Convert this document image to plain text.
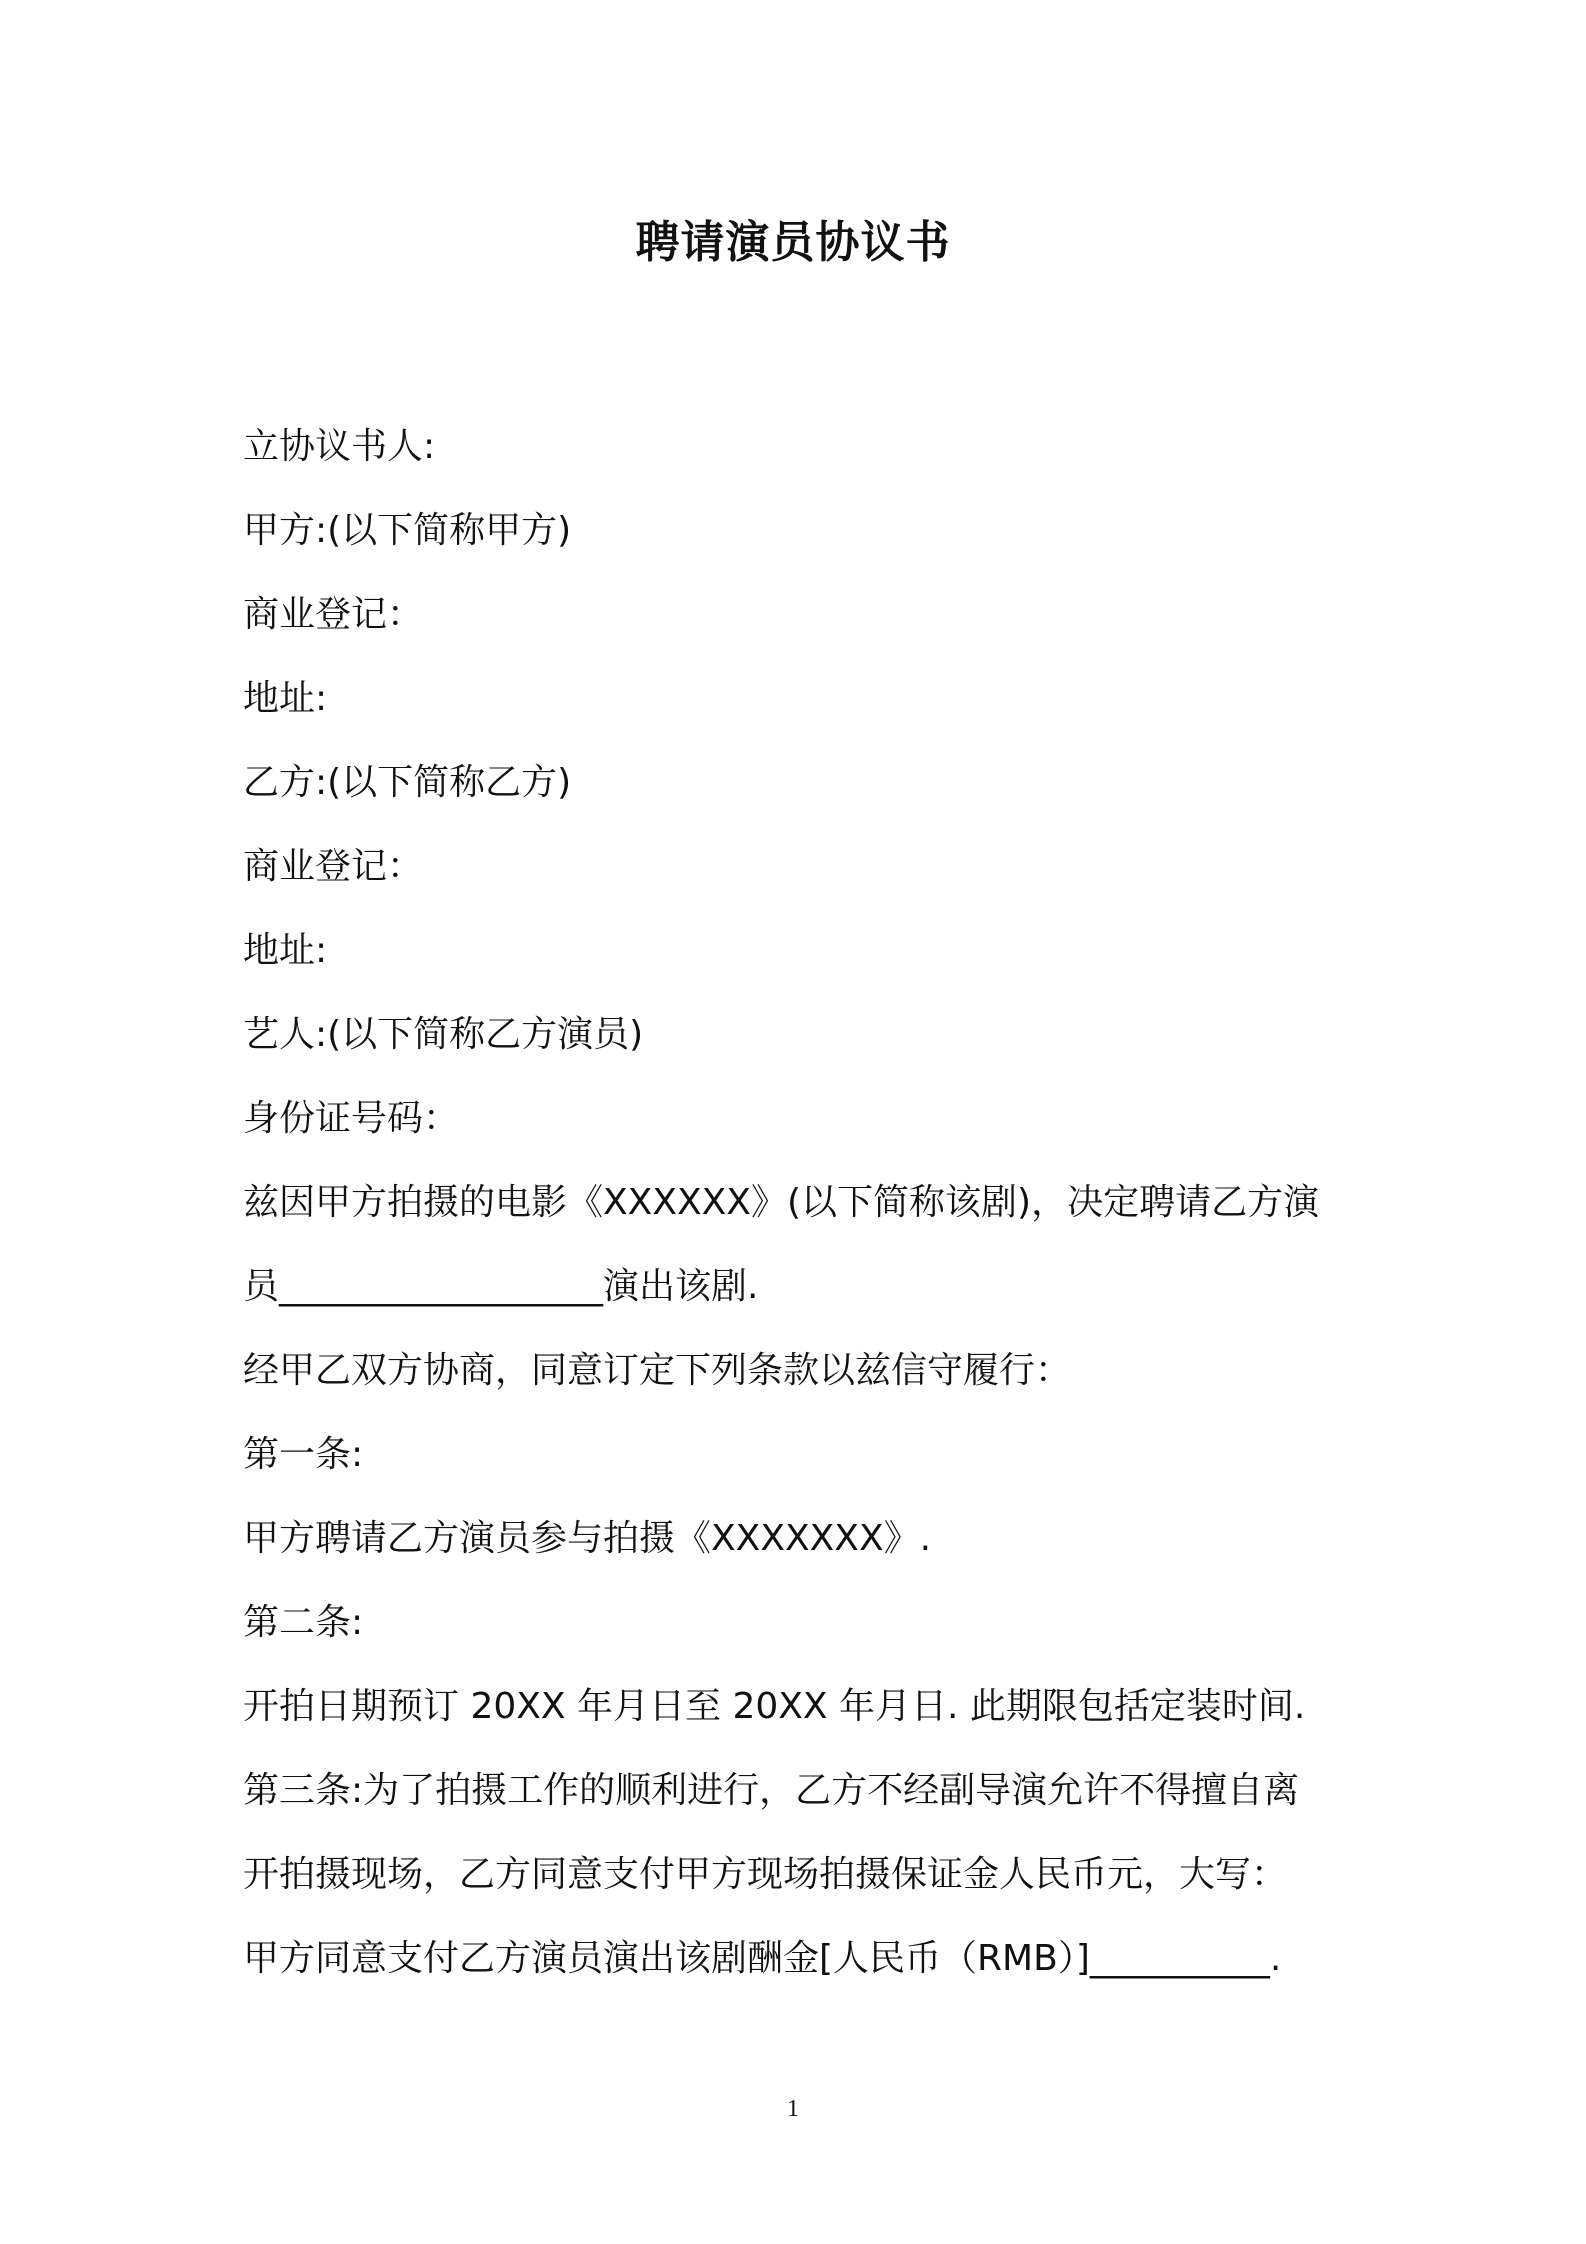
聘请演员协议书
立协议书人:
甲方:(以下简称甲方)
商业登记：
地址:
乙方:(以下简称乙方)
商业登记：
地址:
艺人:(以下简称乙方演员)
身份证号码：
兹因甲方拍摄的电影《XXXXXX》(以下简称该剧)，决定聘请乙方演
员__________________演出该剧.
经甲乙双方协商，同意订定下列条款以兹信守履行：
第一条:
甲方聘请乙方演员参与拍摄《XXXXXXX》.
第二条:
开拍日期预订 20XX 年月日至 20XX 年月日. 此期限包括定装时间.
第三条:为了拍摄工作的顺利进行，乙方不经副导演允许不得擅自离
开拍摄现场，乙方同意支付甲方现场拍摄保证金人民币元，大写：
甲方同意支付乙方演员演出该剧酬金[人民币（RMB）]__________.
1
